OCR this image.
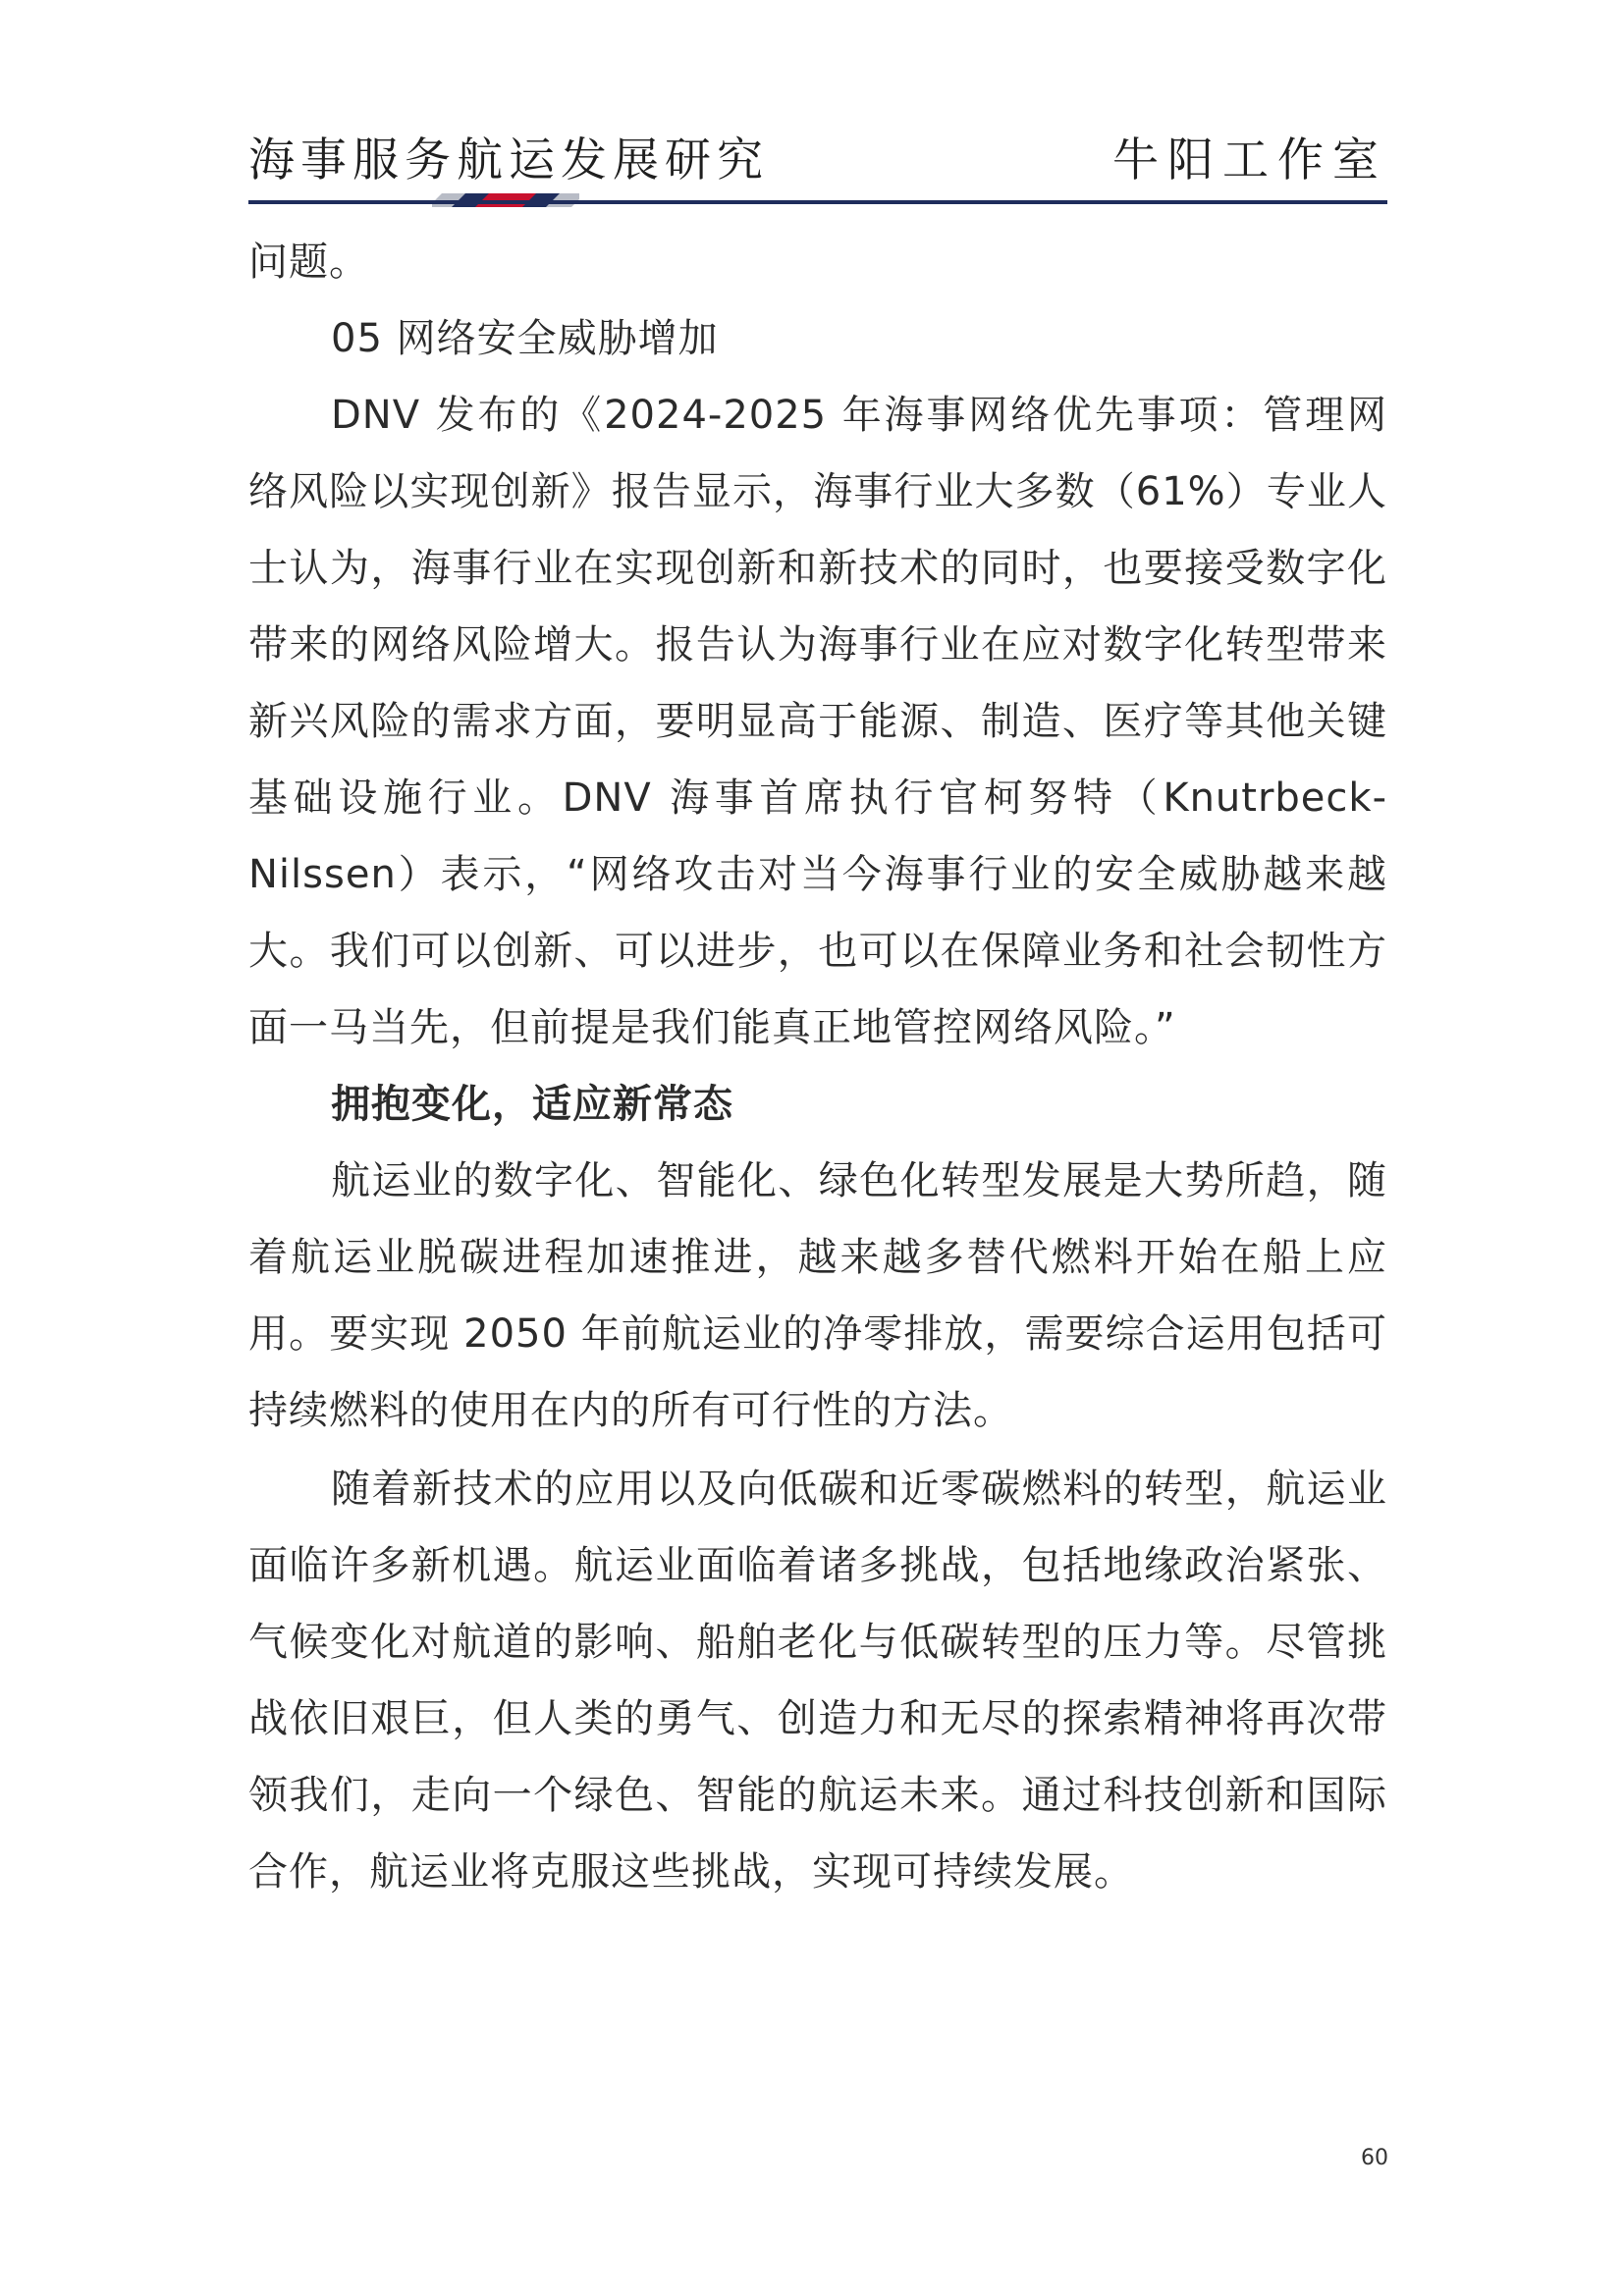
海事服务航运发展研究	牛阳工作室

问题。

05 网络安全威胁增加

DNV 发布的《2024-2025 年海事网络优先事项：管理网络风险以实现创新》报告显示，海事行业大多数（61%）专业人士认为，海事行业在实现创新和新技术的同时，也要接受数字化带来的网络风险增大。报告认为海事行业在应对数字化转型带来新兴风险的需求方面，要明显高于能源、制造、医疗等其他关键基础设施行业。DNV 海事首席执行官柯努特（Knutrbeck-Nilssen）表示，“网络攻击对当今海事行业的安全威胁越来越大。我们可以创新、可以进步，也可以在保障业务和社会韧性方面一马当先，但前提是我们能真正地管控网络风险。”

拥抱变化，适应新常态

航运业的数字化、智能化、绿色化转型发展是大势所趋，随着航运业脱碳进程加速推进，越来越多替代燃料开始在船上应用。要实现 2050 年前航运业的净零排放，需要综合运用包括可持续燃料的使用在内的所有可行性的方法。

随着新技术的应用以及向低碳和近零碳燃料的转型，航运业面临许多新机遇。航运业面临着诸多挑战，包括地缘政治紧张、气候变化对航道的影响、船舶老化与低碳转型的压力等。尽管挑战依旧艰巨，但人类的勇气、创造力和无尽的探索精神将再次带领我们，走向一个绿色、智能的航运未来。通过科技创新和国际合作，航运业将克服这些挑战，实现可持续发展。

60
